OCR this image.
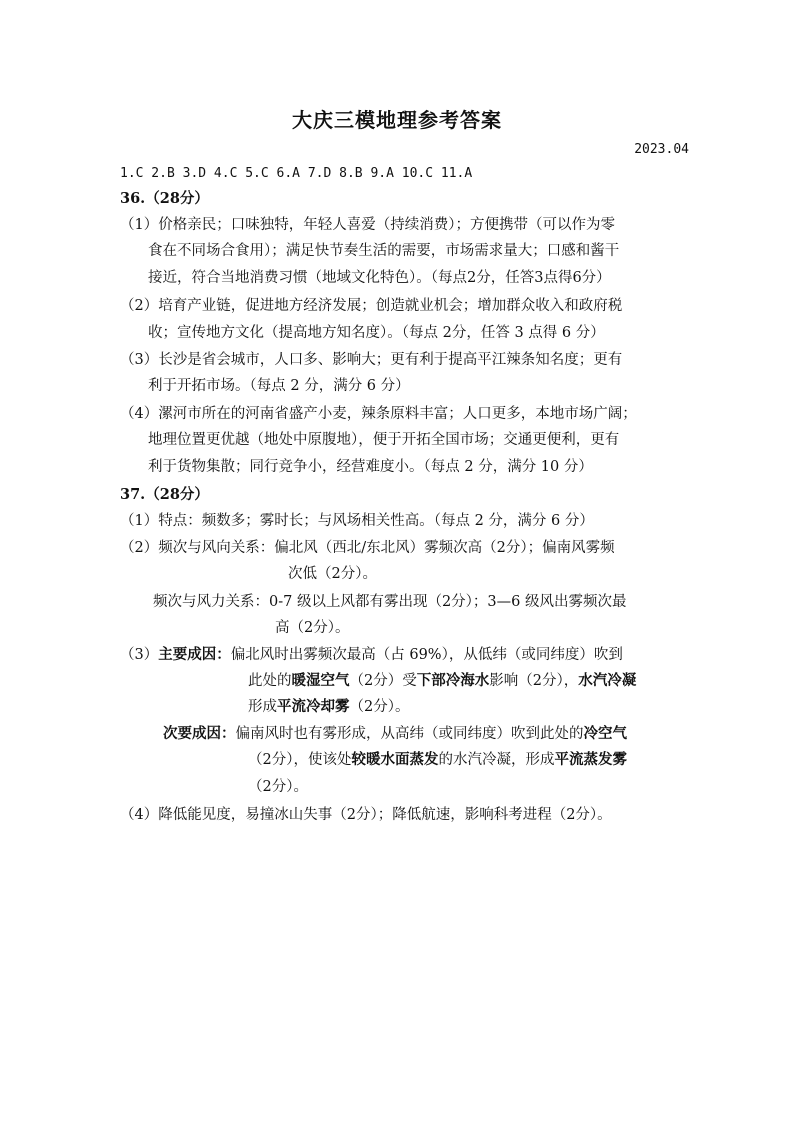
大庆三模地理参考答案
2023.04
1.C 2.B 3.D 4.C 5.C 6.A 7.D 8.B 9.A 10.C 11.A
36.（28分）
（1）价格亲民；口味独特，年轻人喜爱（持续消费）；方便携带（可以作为零
食在不同场合食用）；满足快节奏生活的需要，市场需求量大；口感和酱干
接近，符合当地消费习惯（地域文化特色）。（每点2分，任答3点得6分）
（2）培育产业链，促进地方经济发展；创造就业机会；增加群众收入和政府税
收；宣传地方文化（提高地方知名度）。（每点 2分，任答 3 点得 6 分）
（3）长沙是省会城市，人口多、影响大；更有利于提高平江辣条知名度；更有
利于开拓市场。（每点 2 分，满分 6 分）
（4）漯河市所在的河南省盛产小麦，辣条原料丰富；人口更多，本地市场广阔；
地理位置更优越（地处中原腹地），便于开拓全国市场；交通更便利，更有
利于货物集散；同行竞争小，经营难度小。（每点 2 分，满分 10 分）
37.（28分）
（1）特点：频数多；雾时长；与风场相关性高。（每点 2 分，满分 6 分）
（2）频次与风向关系：偏北风（西北/东北风）雾频次高（2分）；偏南风雾频
次低（2分）。
频次与风力关系：0-7 级以上风都有雾出现（2分）；3—6 级风出雾频次最
高（2分）。
（3）主要成因：偏北风时出雾频次最高（占 69%），从低纬（或同纬度）吹到
此处的暖湿空气（2分）受下部冷海水影响（2分），水汽冷凝
形成平流冷却雾（2分）。
次要成因：偏南风时也有雾形成，从高纬（或同纬度）吹到此处的冷空气
（2分），使该处较暖水面蒸发的水汽冷凝，形成平流蒸发雾
（2分）。
（4）降低能见度，易撞冰山失事（2分）；降低航速，影响科考进程（2分）。
